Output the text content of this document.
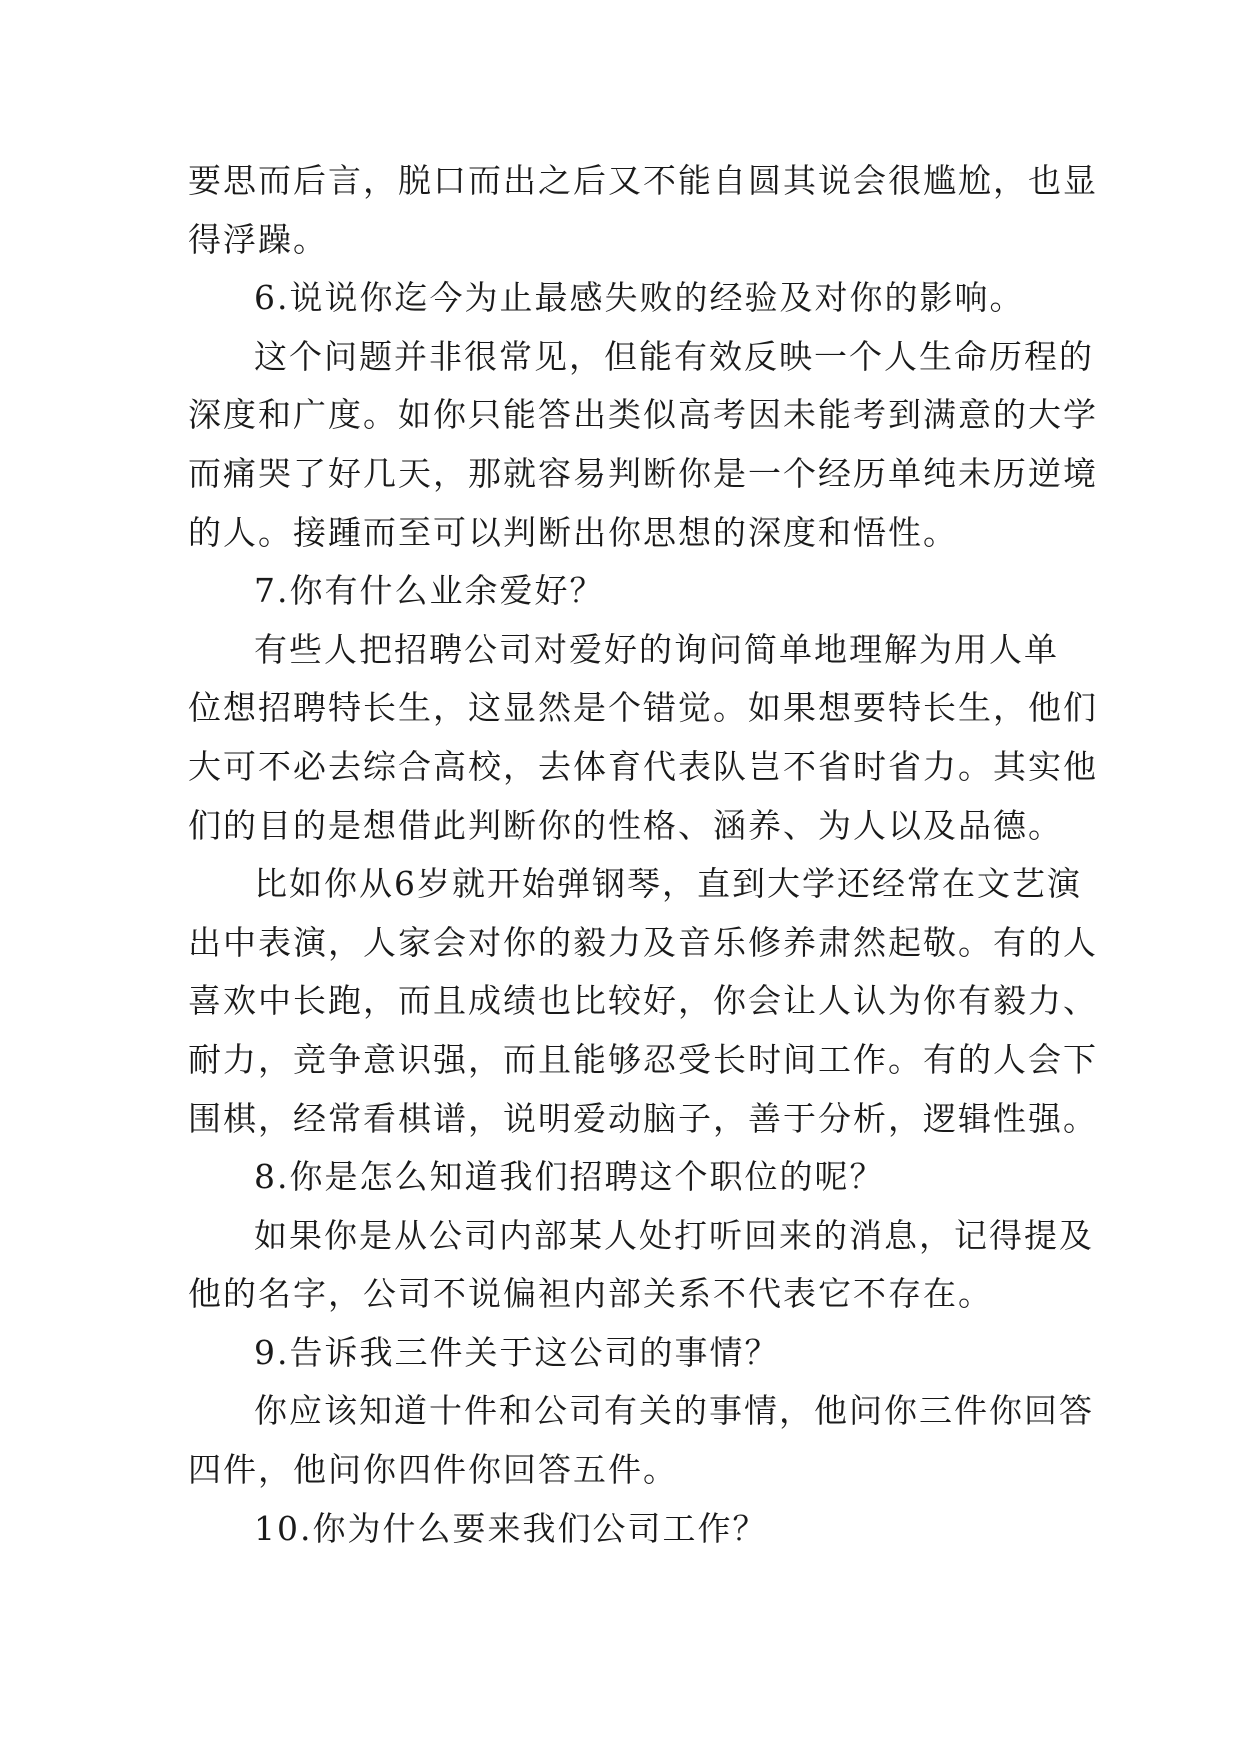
要思而后言，脱口而出之后又不能自圆其说会很尴尬，也显
得浮躁。
6.说说你迄今为止最感失败的经验及对你的影响。
这个问题并非很常见，但能有效反映一个人生命历程的
深度和广度。如你只能答出类似高考因未能考到满意的大学
而痛哭了好几天，那就容易判断你是一个经历单纯未历逆境
的人。接踵而至可以判断出你思想的深度和悟性。
7.你有什么业余爱好？
有些人把招聘公司对爱好的询问简单地理解为用人单
位想招聘特长生，这显然是个错觉。如果想要特长生，他们
大可不必去综合高校，去体育代表队岂不省时省力。其实他
们的目的是想借此判断你的性格、涵养、为人以及品德。
比如你从6岁就开始弹钢琴，直到大学还经常在文艺演
出中表演，人家会对你的毅力及音乐修养肃然起敬。有的人
喜欢中长跑，而且成绩也比较好，你会让人认为你有毅力、
耐力，竞争意识强，而且能够忍受长时间工作。有的人会下
围棋，经常看棋谱，说明爱动脑子，善于分析，逻辑性强。
8.你是怎么知道我们招聘这个职位的呢？
如果你是从公司内部某人处打听回来的消息，记得提及
他的名字，公司不说偏袒内部关系不代表它不存在。
9.告诉我三件关于这公司的事情？
你应该知道十件和公司有关的事情，他问你三件你回答
四件，他问你四件你回答五件。
10.你为什么要来我们公司工作？
